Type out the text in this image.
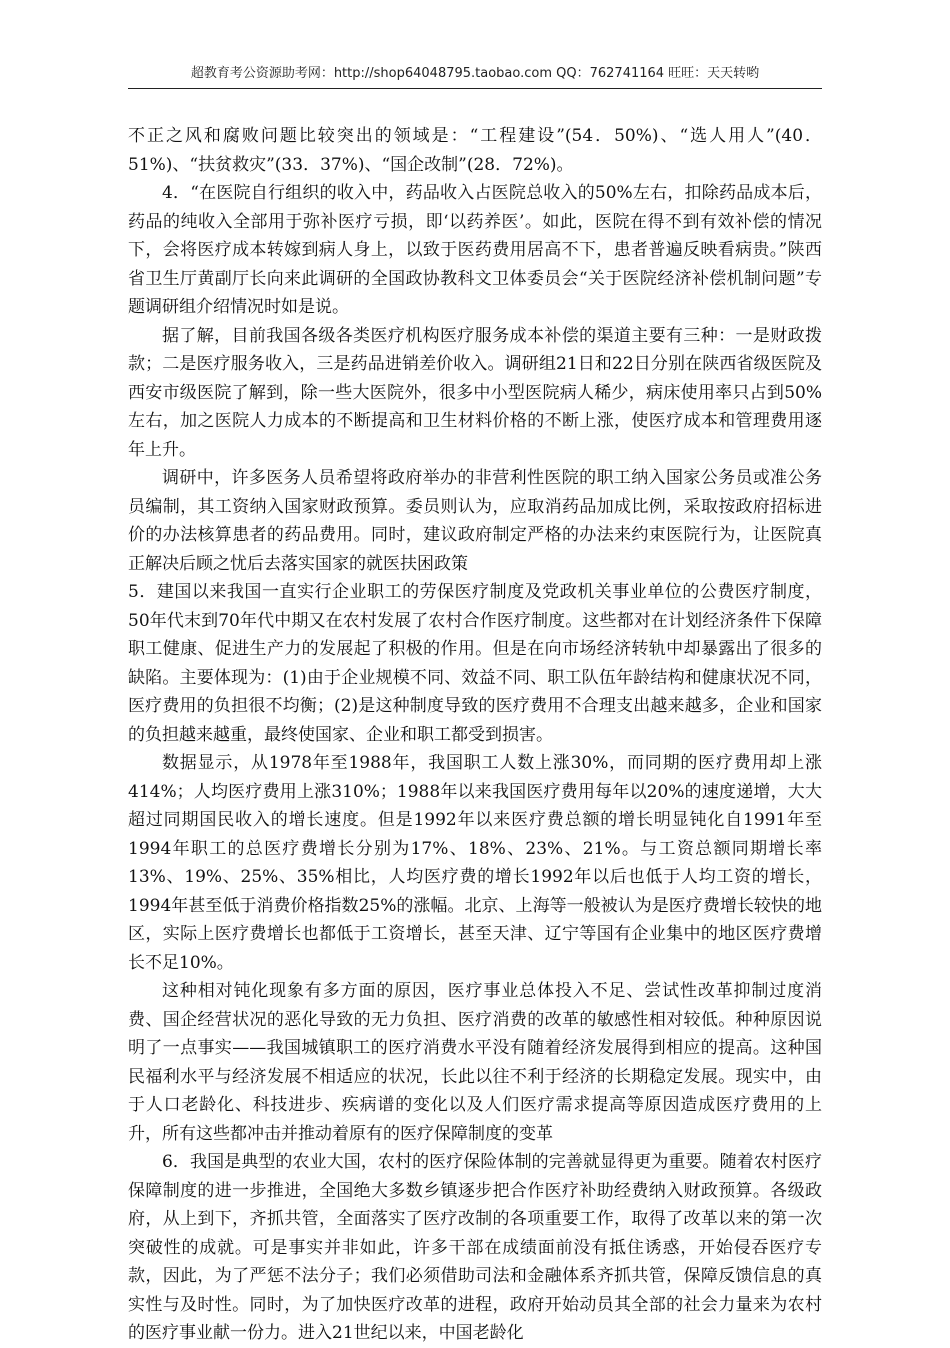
超教育考公资源助考网：http://shop64048795.taobao.com QQ：762741164 旺旺：天天转哟

不正之风和腐败问题比较突出的领域是：“工程建设”(54．50%)、“选人用人”(40．51%)、“扶贫救灾”(33．37%)、“国企改制”(28．72%)。

4．“在医院自行组织的收入中，药品收入占医院总收入的50%左右，扣除药品成本后，药品的纯收入全部用于弥补医疗亏损，即‘以药养医’。如此，医院在得不到有效补偿的情况下，会将医疗成本转嫁到病人身上，以致于医药费用居高不下，患者普遍反映看病贵。”陕西省卫生厅黄副厅长向来此调研的全国政协教科文卫体委员会“关于医院经济补偿机制问题”专题调研组介绍情况时如是说。

据了解，目前我国各级各类医疗机构医疗服务成本补偿的渠道主要有三种：一是财政拨款；二是医疗服务收入，三是药品进销差价收入。调研组21日和22日分别在陕西省级医院及西安市级医院了解到，除一些大医院外，很多中小型医院病人稀少，病床使用率只占到50%左右，加之医院人力成本的不断提高和卫生材料价格的不断上涨，使医疗成本和管理费用逐年上升。

调研中，许多医务人员希望将政府举办的非营利性医院的职工纳入国家公务员或准公务员编制，其工资纳入国家财政预算。委员则认为，应取消药品加成比例，采取按政府招标进价的办法核算患者的药品费用。同时，建议政府制定严格的办法来约束医院行为，让医院真正解决后顾之忧后去落实国家的就医扶困政策

5．建国以来我国一直实行企业职工的劳保医疗制度及党政机关事业单位的公费医疗制度，50年代末到70年代中期又在农村发展了农村合作医疗制度。这些都对在计划经济条件下保障职工健康、促进生产力的发展起了积极的作用。但是在向市场经济转轨中却暴露出了很多的缺陷。主要体现为：(1)由于企业规模不同、效益不同、职工队伍年龄结构和健康状况不同，医疗费用的负担很不均衡；(2)是这种制度导致的医疗费用不合理支出越来越多，企业和国家的负担越来越重，最终使国家、企业和职工都受到损害。

数据显示，从1978年至1988年，我国职工人数上涨30%，而同期的医疗费用却上涨414%；人均医疗费用上涨310%；1988年以来我国医疗费用每年以20%的速度递增，大大超过同期国民收入的增长速度。但是1992年以来医疗费总额的增长明显钝化自1991年至1994年职工的总医疗费增长分别为17%、18%、23%、21%。与工资总额同期增长率13%、19%、25%、35%相比，人均医疗费的增长1992年以后也低于人均工资的增长，1994年甚至低于消费价格指数25%的涨幅。北京、上海等一般被认为是医疗费增长较快的地区，实际上医疗费增长也都低于工资增长，甚至天津、辽宁等国有企业集中的地区医疗费增长不足10%。

这种相对钝化现象有多方面的原因，医疗事业总体投入不足、尝试性改革抑制过度消费、国企经营状况的恶化导致的无力负担、医疗消费的改革的敏感性相对较低。种种原因说明了一点事实——我国城镇职工的医疗消费水平没有随着经济发展得到相应的提高。这种国民福利水平与经济发展不相适应的状况，长此以往不利于经济的长期稳定发展。现实中，由于人口老龄化、科技进步、疾病谱的变化以及人们医疗需求提高等原因造成医疗费用的上升，所有这些都冲击并推动着原有的医疗保障制度的变革

6．我国是典型的农业大国，农村的医疗保险体制的完善就显得更为重要。随着农村医疗保障制度的进一步推进，全国绝大多数乡镇逐步把合作医疗补助经费纳入财政预算。各级政府，从上到下，齐抓共管，全面落实了医疗改制的各项重要工作，取得了改革以来的第一次突破性的成就。可是事实并非如此，许多干部在成绩面前没有抵住诱惑，开始侵吞医疗专款，因此，为了严惩不法分子；我们必须借助司法和金融体系齐抓共管，保障反馈信息的真实性与及时性。同时，为了加快医疗改革的进程，政府开始动员其全部的社会力量来为农村的医疗事业献一份力。进入21世纪以来，中国老龄化
